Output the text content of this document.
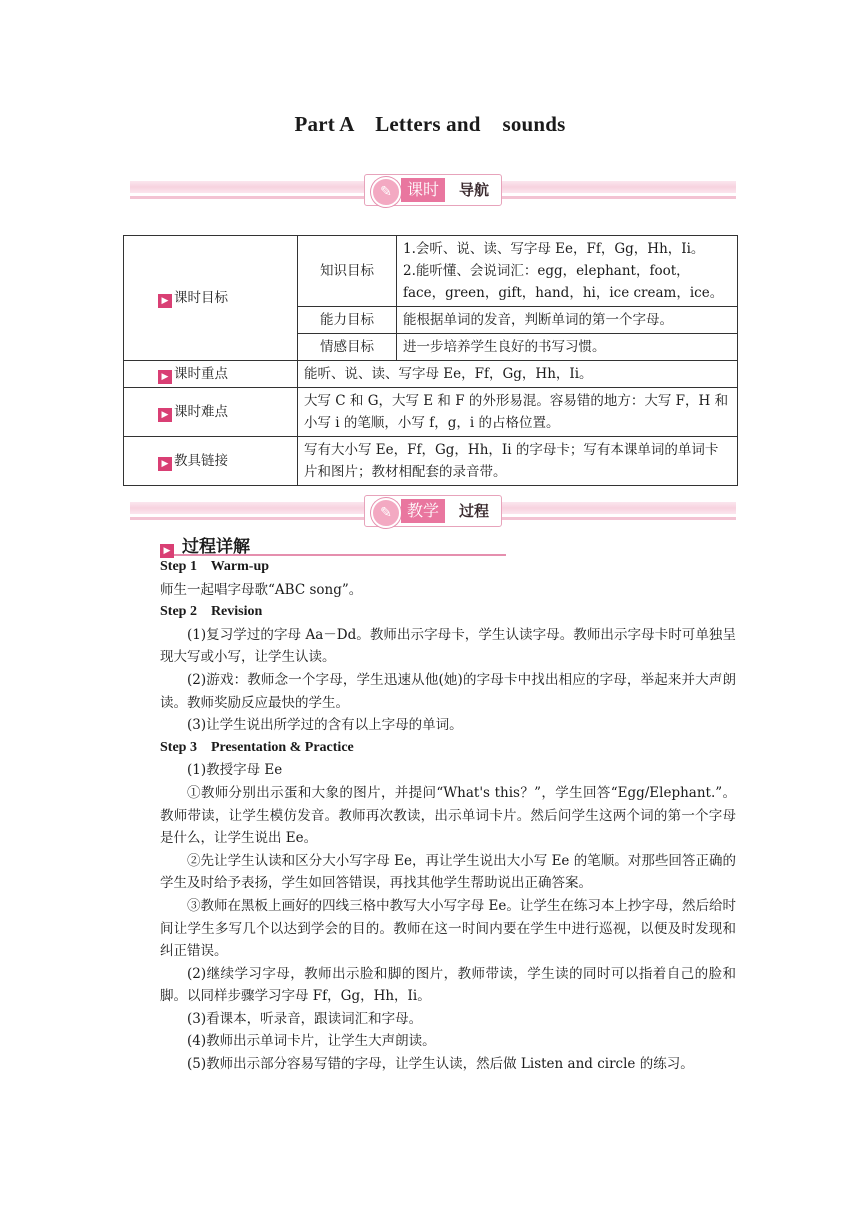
Part A    Letters and    sounds
✎ 课时	导航
▶ 课时目标	知识目标	1.会听、说、读、写字母 Ee，Ff，Gg，Hh，Ii。
2.能听懂、会说词汇：egg，elephant，foot，face，green，gift，hand，hi，ice cream，ice。

	能力目标	能根据单词的发音，判断单词的第一个字母。
	情感目标	进一步培养学生良好的书写习惯。
▶ 课时重点	能听、说、读、写字母 Ee，Ff，Gg，Hh，Ii。	
▶ 课时难点	大写 C 和 G，大写 E 和 F 的外形易混。容易错的地方：大写 F，H 和小写 i 的笔顺，小写 f，g，i 的占格位置。	
▶ 教具链接	写有大小写 Ee，Ff，Gg，Hh，Ii 的字母卡；写有本课单词的单词卡片和图片；教材相配套的录音带。	
✎ 教学	过程
▶ 过程详解

Step 1    Warm-up

师生一起唱字母歌“ABC song”。

Step 2    Revision

(1)复习学过的字母 Aa－Dd。教师出示字母卡，学生认读字母。教师出示字母卡时可单独呈现大写或小写，让学生认读。

(2)游戏：教师念一个字母，学生迅速从他(她)的字母卡中找出相应的字母，举起来并大声朗读。教师奖励反应最快的学生。

(3)让学生说出所学过的含有以上字母的单词。

Step 3    Presentation & Practice

(1)教授字母 Ee

①教师分别出示蛋和大象的图片，并提问“What's this？”，学生回答“Egg/Elephant.”。教师带读，让学生模仿发音。教师再次教读，出示单词卡片。然后问学生这两个词的第一个字母是什么，让学生说出 Ee。

②先让学生认读和区分大小写字母 Ee，再让学生说出大小写 Ee 的笔顺。对那些回答正确的学生及时给予表扬，学生如回答错误，再找其他学生帮助说出正确答案。

③教师在黑板上画好的四线三格中教写大小写字母 Ee。让学生在练习本上抄字母，然后给时间让学生多写几个以达到学会的目的。教师在这一时间内要在学生中进行巡视，以便及时发现和纠正错误。

(2)继续学习字母，教师出示脸和脚的图片，教师带读，学生读的同时可以指着自己的脸和脚。以同样步骤学习字母 Ff，Gg，Hh，Ii。

(3)看课本，听录音，跟读词汇和字母。

(4)教师出示单词卡片，让学生大声朗读。

(5)教师出示部分容易写错的字母，让学生认读，然后做 Listen and circle 的练习。
